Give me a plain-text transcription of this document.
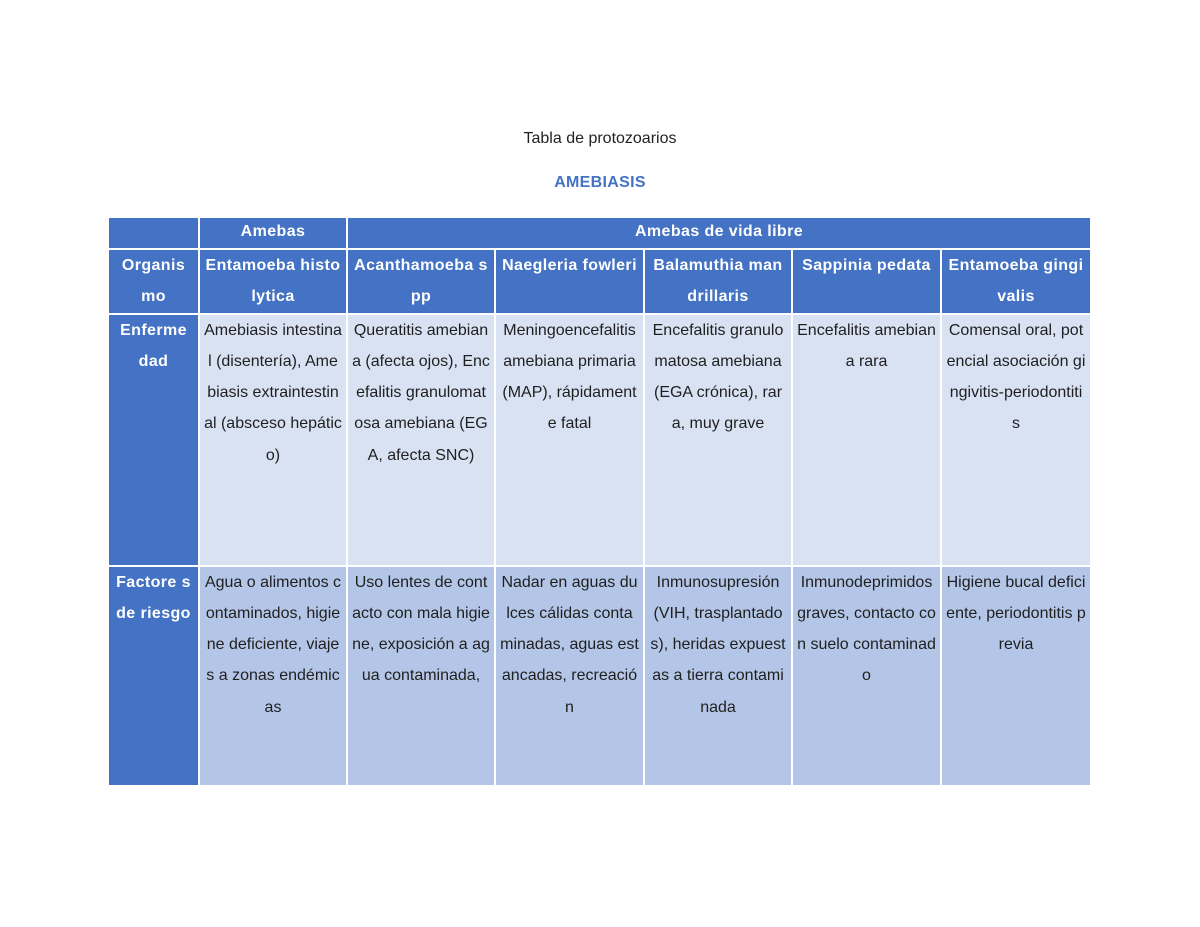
Tabla de protozoarios
AMEBIASIS
	Amebas	Amebas de vida libre				
Organis mo	Entamoeba histolytica	Acanthamoeba spp	Naegleria fowleri	Balamuthia mandrillaris	Sappinia pedata	Entamoeba gingivalis
Enferme dad	Amebiasis intestinal (disentería), Amebiasis extraintestinal (absceso hepático)	Queratitis amebiana (afecta ojos), Encefalitis granulomatosa amebiana (EGA, afecta SNC)	Meningoencefalitis amebiana primaria (MAP), rápidamente fatal	Encefalitis granulomatosa amebiana (EGA crónica), rara, muy grave	Encefalitis amebiana rara	Comensal oral, potencial asociación gingivitis-periodontitis
Factore s de riesgo	Agua o alimentos contaminados, higiene deficiente, viajes a zonas endémicas	Uso lentes de contacto con mala higiene, exposición a agua contaminada,	Nadar en aguas dulces cálidas contaminadas, aguas estancadas, recreación	Inmunosupresión (VIH, trasplantados), heridas expuestas a tierra contaminada	Inmunodeprimidos graves, contacto con suelo contaminado	Higiene bucal deficiente, periodontitis previa
